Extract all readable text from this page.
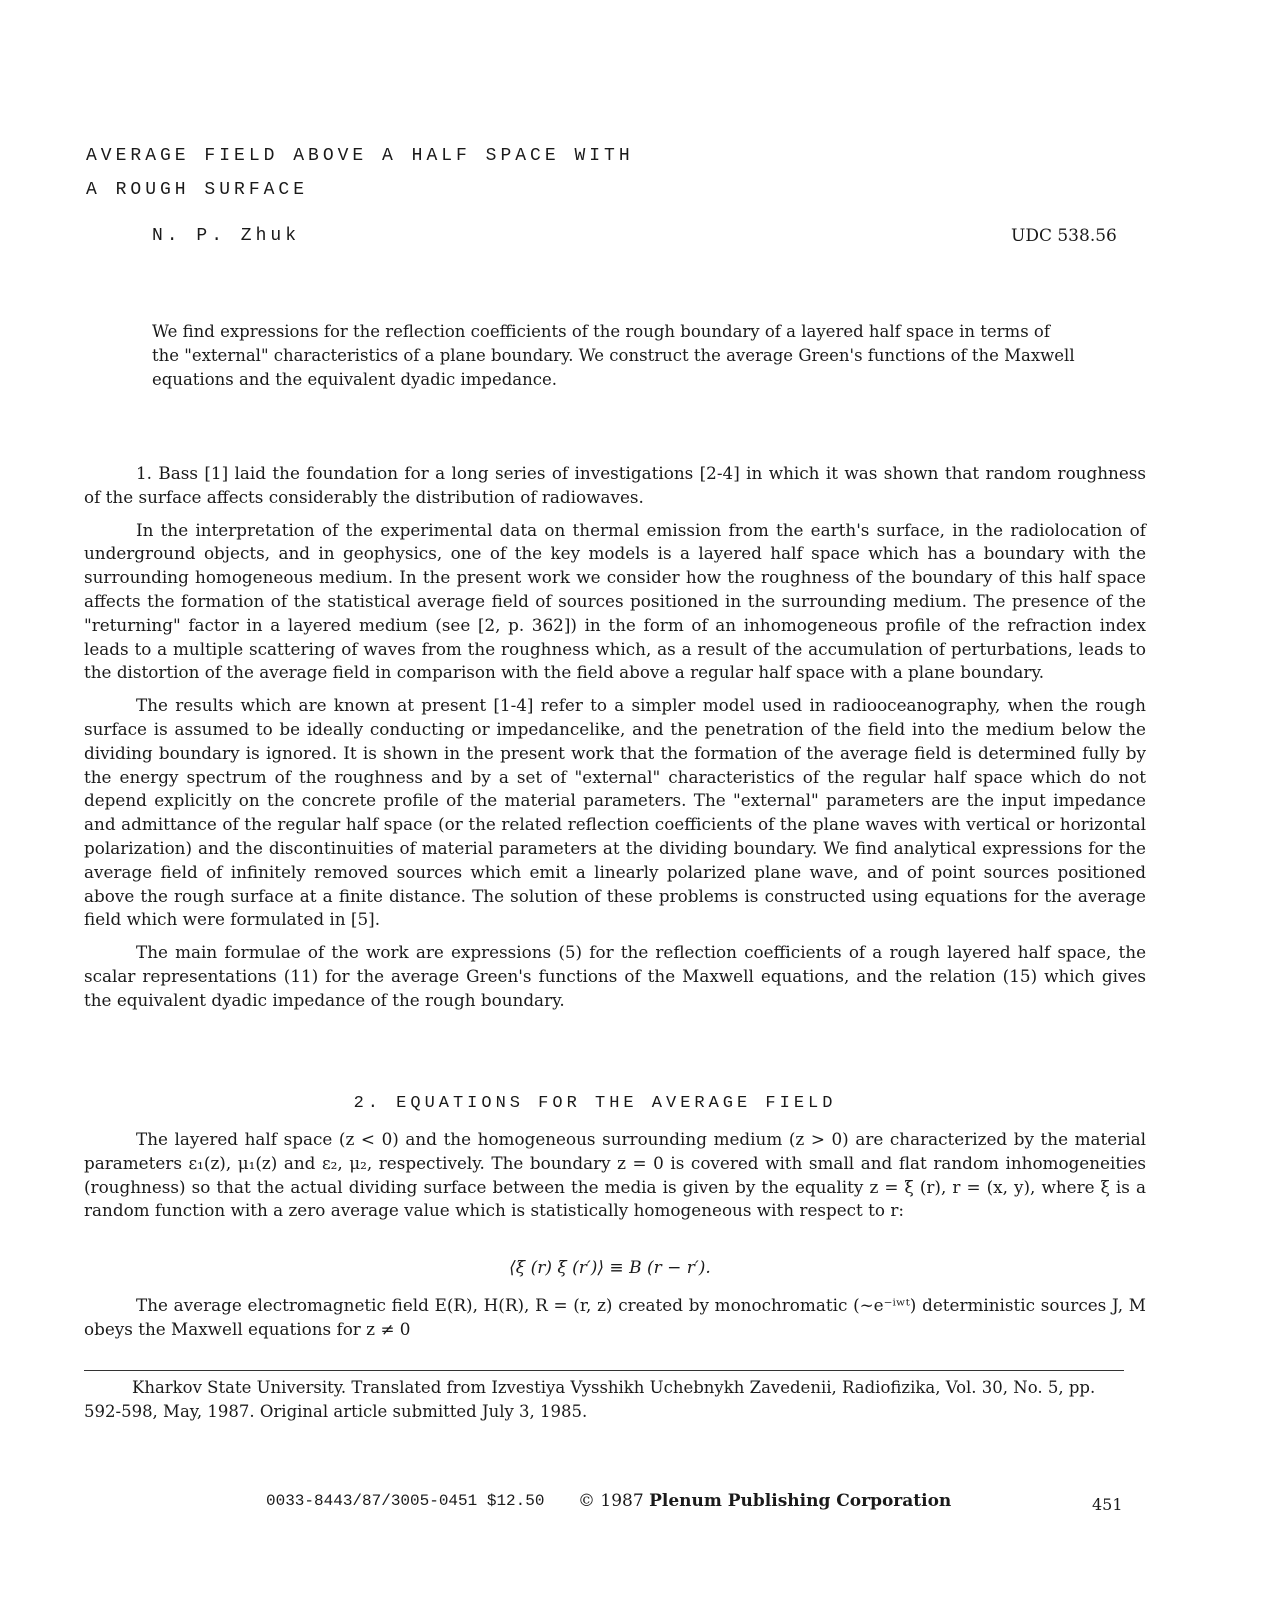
AVERAGE FIELD ABOVE A HALF SPACE WITH
A ROUGH SURFACE
N. P. Zhuk	UDC 538.56
We find expressions for the reflection coefficients of the rough boundary of a layered half space in terms of the "external" characteristics of a plane boundary. We construct the average Green's functions of the Maxwell equations and the equivalent dyadic impedance.

1. Bass [1] laid the foundation for a long series of investigations [2-4] in which it was shown that random roughness of the surface affects considerably the distribution of radiowaves.

In the interpretation of the experimental data on thermal emission from the earth's surface, in the radiolocation of underground objects, and in geophysics, one of the key models is a layered half space which has a boundary with the surrounding homogeneous medium. In the present work we consider how the roughness of the boundary of this half space affects the formation of the statistical average field of sources positioned in the surrounding medium. The presence of the "returning" factor in a layered medium (see [2, p. 362]) in the form of an inhomogeneous profile of the refraction index leads to a multiple scattering of waves from the roughness which, as a result of the accumulation of perturbations, leads to the distortion of the average field in comparison with the field above a regular half space with a plane boundary.

The results which are known at present [1-4] refer to a simpler model used in radiooceanography, when the rough surface is assumed to be ideally conducting or impedancelike, and the penetration of the field into the medium below the dividing boundary is ignored. It is shown in the present work that the formation of the average field is determined fully by the energy spectrum of the roughness and by a set of "external" characteristics of the regular half space which do not depend explicitly on the concrete profile of the material parameters. The "external" parameters are the input impedance and admittance of the regular half space (or the related reflection coefficients of the plane waves with vertical or horizontal polarization) and the discontinuities of material parameters at the dividing boundary. We find analytical expressions for the average field of infinitely removed sources which emit a linearly polarized plane wave, and of point sources positioned above the rough surface at a finite distance. The solution of these problems is constructed using equations for the average field which were formulated in [5].

The main formulae of the work are expressions (5) for the reflection coefficients of a rough layered half space, the scalar representations (11) for the average Green's functions of the Maxwell equations, and the relation (15) which gives the equivalent dyadic impedance of the rough boundary.

2. EQUATIONS FOR THE AVERAGE FIELD

The layered half space (z < 0) and the homogeneous surrounding medium (z > 0) are characterized by the material parameters ε₁(z), μ₁(z) and ε₂, μ₂, respectively. The boundary z = 0 is covered with small and flat random inhomogeneities (roughness) so that the actual dividing surface between the media is given by the equality z = ξ (r), r = (x, y), where ξ is a random function with a zero average value which is statistically homogeneous with respect to r:

⟨ξ (r) ξ (r′)⟩ ≡ B (r − r′).

The average electromagnetic field E(R), H(R), R = (r, z) created by monochromatic (∼e⁻ⁱʷᵗ) deterministic sources J, M obeys the Maxwell equations for z ≠ 0

Kharkov State University. Translated from Izvestiya Vysshikh Uchebnykh Zavedenii, Radiofizika, Vol. 30, No. 5, pp. 592-598, May, 1987. Original article submitted July 3, 1985.

0033-8443/87/3005-0451 $12.50 © 1987 Plenum Publishing Corporation	451
